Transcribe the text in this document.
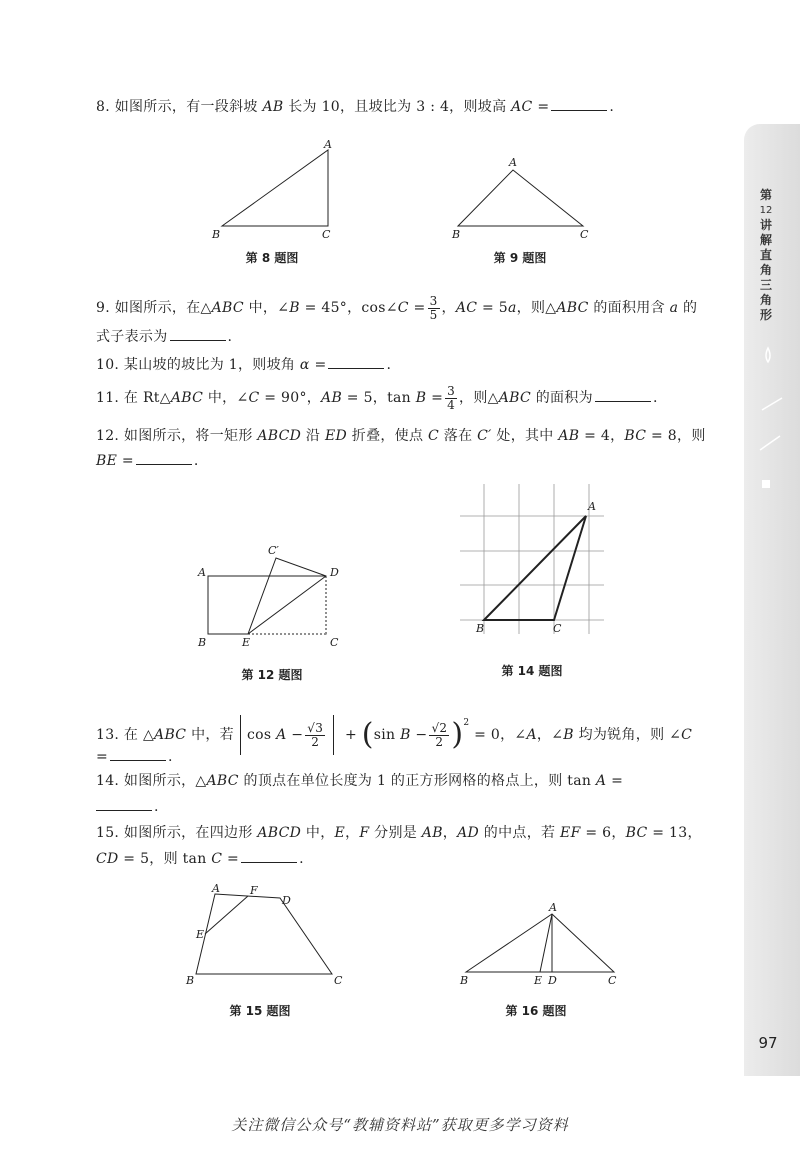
8. 如图所示，有一段斜坡 AB 长为 10，且坡比为 3 : 4，则坡高 AC =	.
A
B	C
第 8 题图
A
B	C
第 9 题图
9. 如图所示，在△ABC 中，∠B = 45°，cos∠C = $\frac{3}{5}$ ，AC = 5a，则△ABC 的面积用含 a 的
式子表示为	.
10. 某山坡的坡比为 1，则坡角 α =	.
11. 在 Rt△ABC 中，∠C = 90°，AB = 5，$\tan B = \frac{3}{4}$ ，则△ABC 的面积为	.
12. 如图所示，将一矩形 ABCD 沿 ED 折叠，使点 C 落在 C′ 处，其中 AB = 4，BC = 8，则
BE =	.
A
B	C
D
E
C′
第 12 题图
A
B	C
第 14 题图
13. 在 △ABC 中，若 $\cos A - \frac{√3}{2} + (\sin$ $B - \frac{√2}{2} )^2 = 0$，∠A，∠B 均为锐角，则 ∠C
=	.
14. 如图所示，△ABC 的顶点在单位长度为 1 的正方形网格的格点上，则 tan A =
.
15. 如图所示，在四边形 ABCD 中，E，F 分别是 AB，AD 的中点，若 EF = 6，BC = 13，
CD = 5，则 tan C =	.
A
B	C
D
E
F
第 15 题图
A
B	C
D
E
第 16 题图
第

12
讲
解
直
角
三
角
形
97
关注微信公众号“教辅资料站”获取更多学习资料
